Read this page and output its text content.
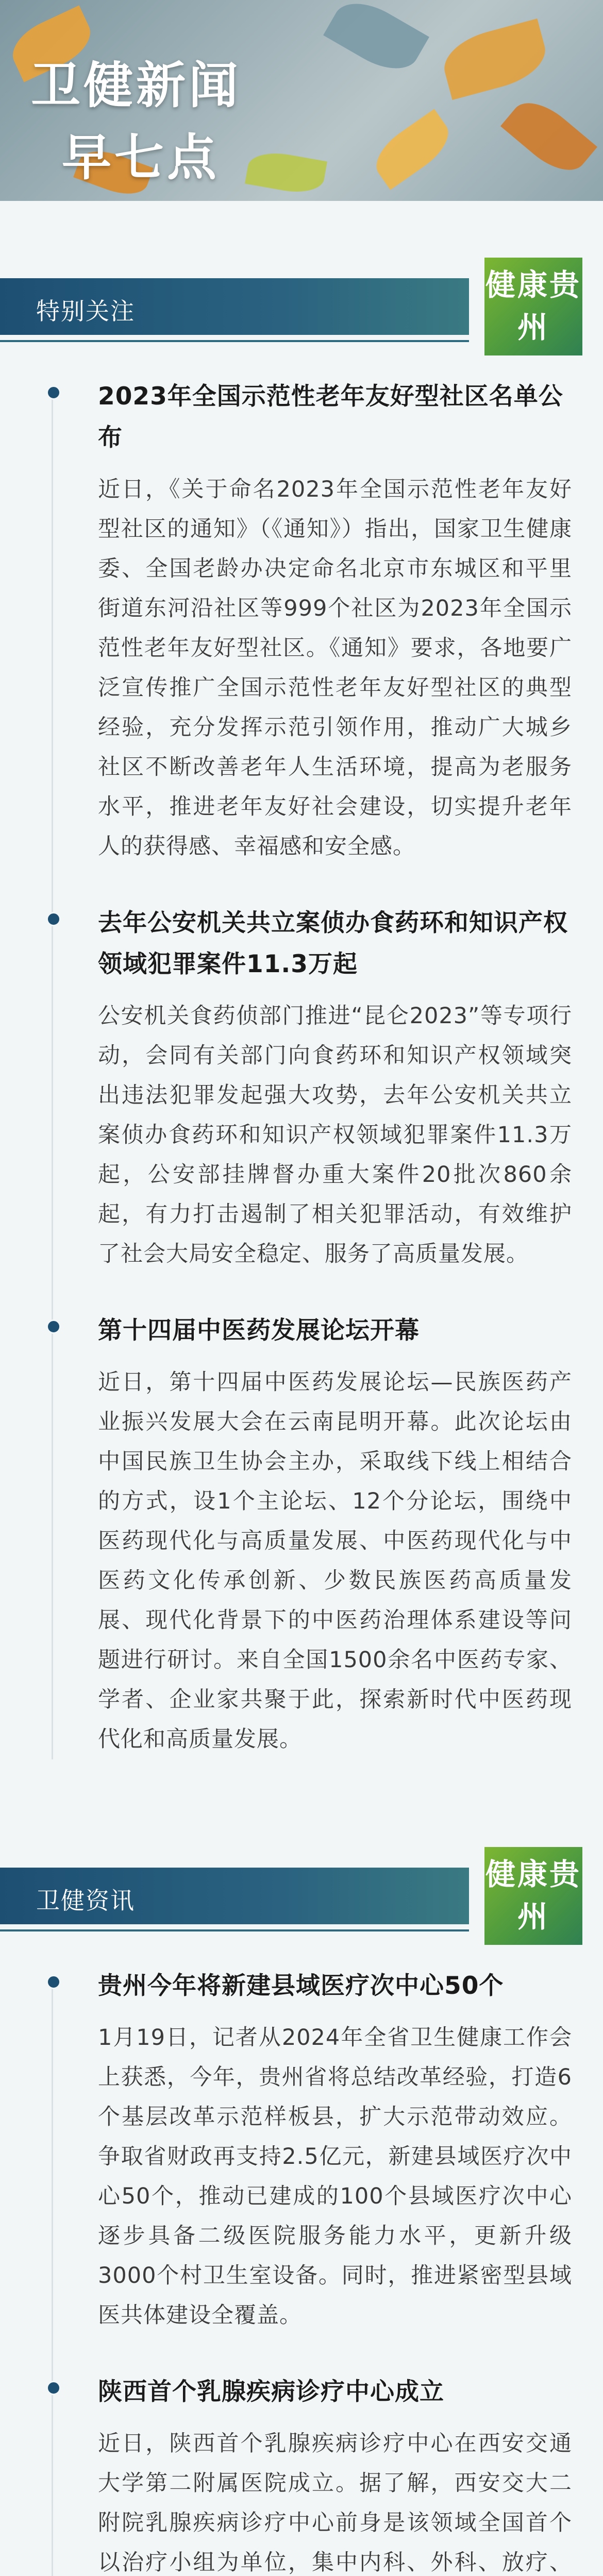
卫健新闻
早七点
特别关注
健康贵州
2023年全国示范性老年友好型社区名单公布
近日，《关于命名2023年全国示范性老年友好型社区的通知》（《通知》）指出，国家卫生健康委、全国老龄办决定命名北京市东城区和平里街道东河沿社区等999个社区为2023年全国示范性老年友好型社区。《通知》要求，各地要广泛宣传推广全国示范性老年友好型社区的典型经验，充分发挥示范引领作用，推动广大城乡社区不断改善老年人生活环境，提高为老服务水平，推进老年友好社会建设，切实提升老年人的获得感、幸福感和安全感。
去年公安机关共立案侦办食药环和知识产权领域犯罪案件11.3万起
公安机关食药侦部门推进“昆仑2023”等专项行动，会同有关部门向食药环和知识产权领域突出违法犯罪发起强大攻势，去年公安机关共立案侦办食药环和知识产权领域犯罪案件11.3万起，公安部挂牌督办重大案件20批次860余起，有力打击遏制了相关犯罪活动，有效维护了社会大局安全稳定、服务了高质量发展。
第十四届中医药发展论坛开幕
近日，第十四届中医药发展论坛—民族医药产业振兴发展大会在云南昆明开幕。此次论坛由中国民族卫生协会主办，采取线下线上相结合的方式，设1个主论坛、12个分论坛，围绕中医药现代化与高质量发展、中医药现代化与中医药文化传承创新、少数民族医药高质量发展、现代化背景下的中医药治理体系建设等问题进行研讨。来自全国1500余名中医药专家、学者、企业家共聚于此，探索新时代中医药现代化和高质量发展。
卫健资讯
健康贵州
贵州今年将新建县域医疗次中心50个
1月19日，记者从2024年全省卫生健康工作会上获悉，今年，贵州省将总结改革经验，打造6个基层改革示范样板县，扩大示范带动效应。争取省财政再支持2.5亿元，新建县域医疗次中心50个，推动已建成的100个县域医疗次中心逐步具备二级医院服务能力水平，更新升级3000个村卫生室设备。同时，推进紧密型县域医共体建设全覆盖。
陕西首个乳腺疾病诊疗中心成立
近日，陕西首个乳腺疾病诊疗中心在西安交通大学第二附属医院成立。据了解，西安交大二附院乳腺疾病诊疗中心前身是该领域全国首个以治疗小组为单位，集中内科、外科、放疗、
